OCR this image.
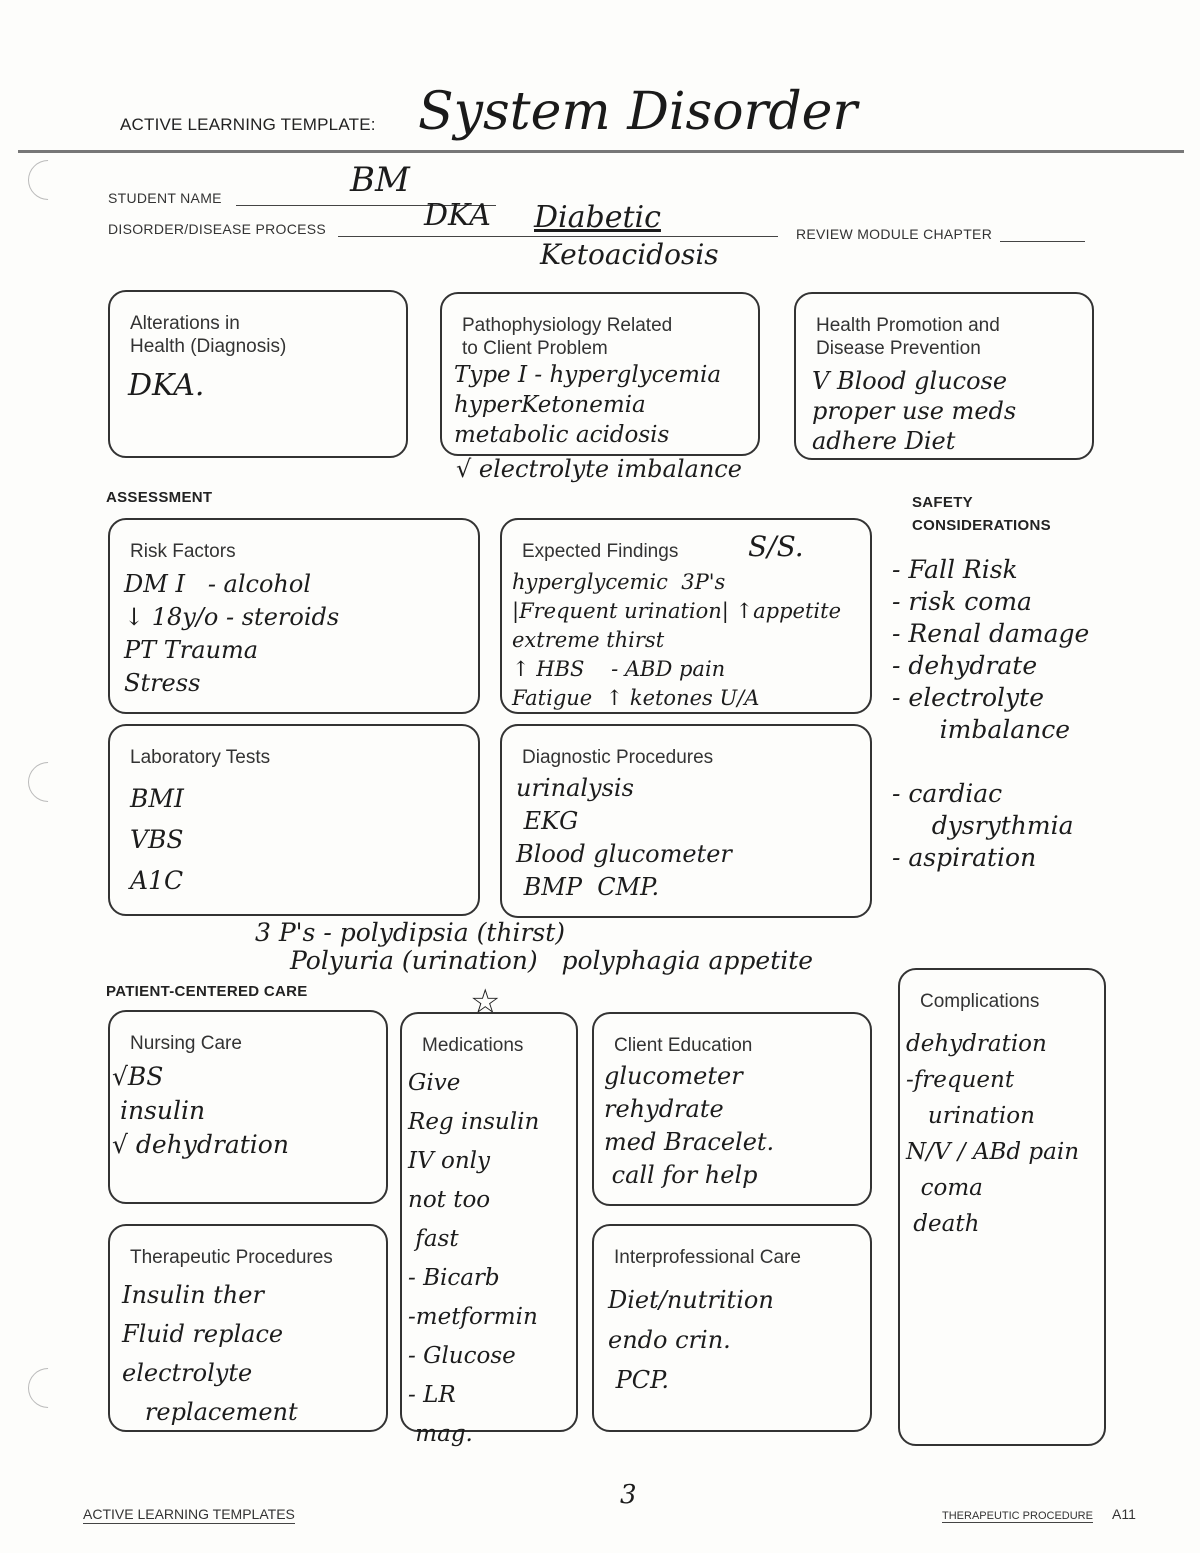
ACTIVE LEARNING TEMPLATE: System Disorder
STUDENT NAME	BM
DISORDER/DISEASE PROCESS	DKA Diabetic
Ketoacidosis
REVIEW MODULE CHAPTER
Alterations in
Health (Diagnosis)
DKA.
Pathophysiology Related
to Client Problem
Type I - hyperglycemia
hyperKetonemia
metabolic acidosis
√ electrolyte imbalance
Health Promotion and
Disease Prevention
V Blood glucose
proper use meds
adhere Diet
ASSESSMENT	SAFETY
CONSIDERATIONS
Risk Factors
DM I   - alcohol
↓ 18y/o - steroids
PT Trauma
Stress
Expected Findings S/S.
hyperglycemic  3P's
|Frequent urination| ↑appetite
extreme thirst
↑ HBS    - ABD pain
Fatigue  ↑ ketones U/A
Laboratory Tests
BMI
VBS
A1C
Diagnostic Procedures
urinalysis
EKG
Blood glucometer
BMP  CMP.
- Fall Risk
- risk coma
- Renal damage
- dehydrate
- electrolyte
imbalance

- cardiac
dysrythmia
- aspiration
3 P's - polydipsia (thirst)
Polyuria (urination)   polyphagia appetite
PATIENT-CENTERED CARE	☆
Nursing Care
√BS
insulin
√ dehydration
Medications
Give
Reg insulin
IV only
not too
fast
- Bicarb
-metformin
- Glucose
- LR
mag.
Client Education
glucometer
rehydrate
med Bracelet.
call for help
Therapeutic Procedures
Insulin ther
Fluid replace
electrolyte
replacement
Interprofessional Care
Diet/nutrition
endo crin.
PCP.
Complications
dehydration
-frequent
urination
N/V / ABd pain
coma
death
3
ACTIVE LEARNING TEMPLATES	THERAPEUTIC PROCEDURE A11
